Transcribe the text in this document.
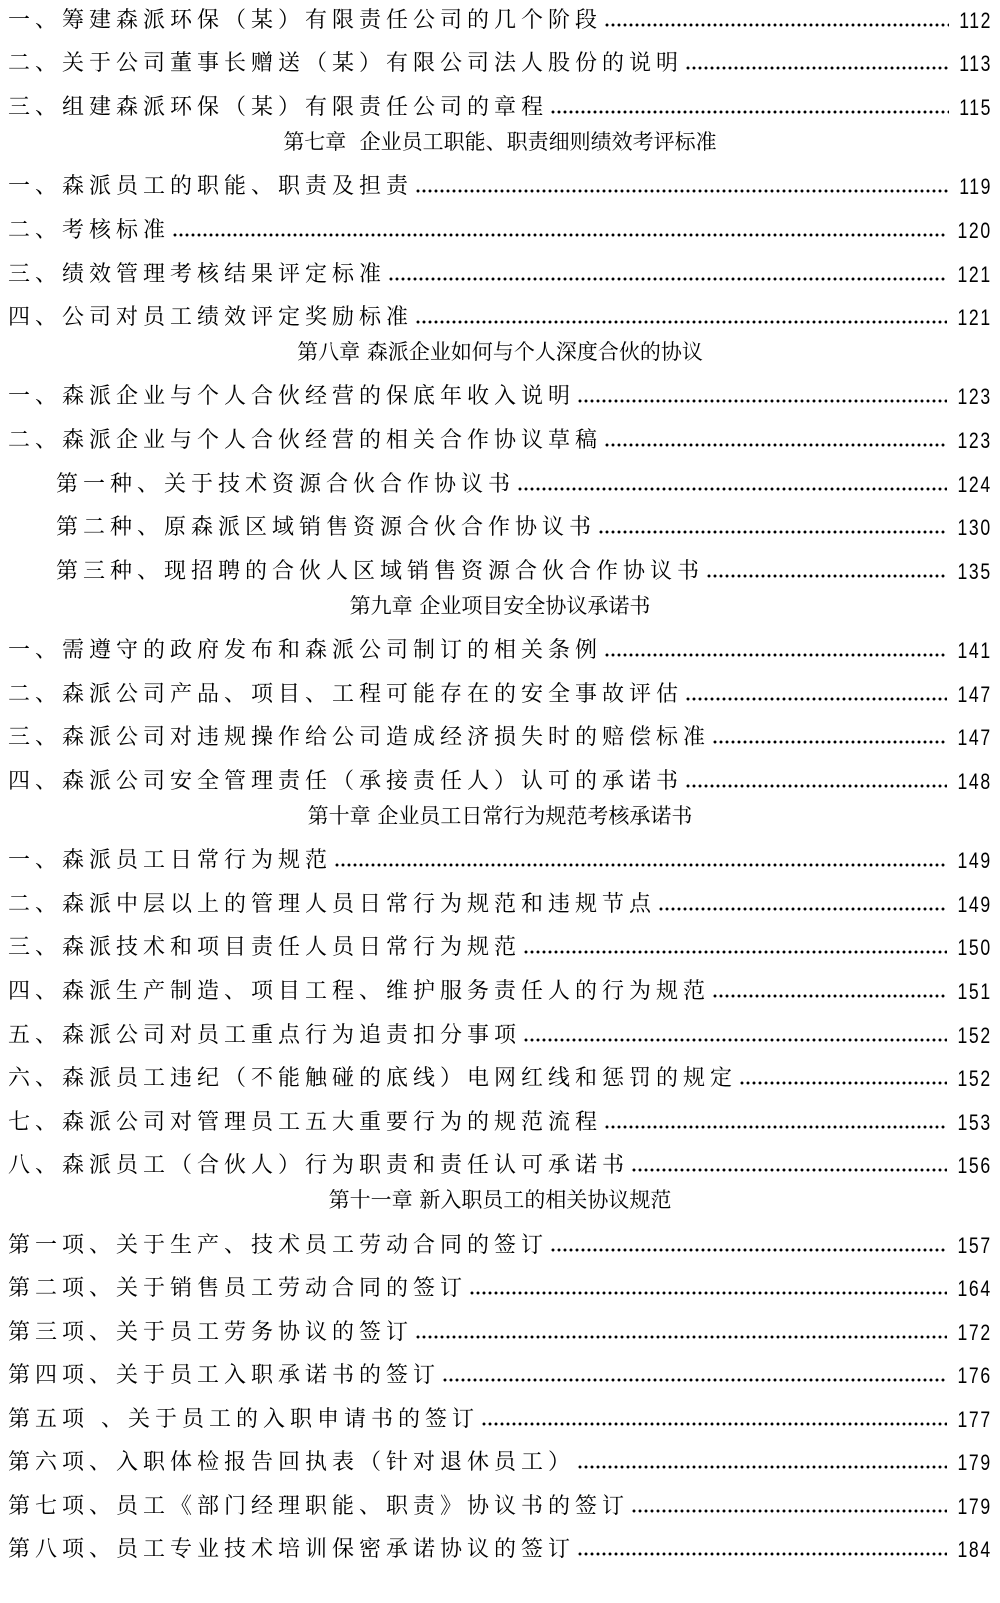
一、筹建森派环保（某）有限责任公司的几个阶段	112
二、关于公司董事长赠送（某）有限公司法人股份的说明	113
三、组建森派环保（某）有限责任公司的章程	115
第七章  企业员工职能、职责细则绩效考评标准
一、森派员工的职能、职责及担责	119
二、考核标准	120
三、绩效管理考核结果评定标准	121
四、公司对员工绩效评定奖励标准	121
第八章 森派企业如何与个人深度合伙的协议
一、森派企业与个人合伙经营的保底年收入说明	123
二、森派企业与个人合伙经营的相关合作协议草稿	123
第一种、关于技术资源合伙合作协议书	124
第二种、原森派区域销售资源合伙合作协议书	130
第三种、现招聘的合伙人区域销售资源合伙合作协议书	135
第九章 企业项目安全协议承诺书
一、需遵守的政府发布和森派公司制订的相关条例	141
二、森派公司产品、项目、工程可能存在的安全事故评估	147
三、森派公司对违规操作给公司造成经济损失时的赔偿标准	147
四、森派公司安全管理责任（承接责任人）认可的承诺书	148
第十章 企业员工日常行为规范考核承诺书
一、森派员工日常行为规范	149
二、森派中层以上的管理人员日常行为规范和违规节点	149
三、森派技术和项目责任人员日常行为规范	150
四、森派生产制造、项目工程、维护服务责任人的行为规范	151
五、森派公司对员工重点行为追责扣分事项	152
六、森派员工违纪（不能触碰的底线）电网红线和惩罚的规定	152
七、森派公司对管理员工五大重要行为的规范流程	153
八、森派员工（合伙人）行为职责和责任认可承诺书	156
第十一章 新入职员工的相关协议规范
第一项、关于生产、技术员工劳动合同的签订	157
第二项、关于销售员工劳动合同的签订	164
第三项、关于员工劳务协议的签订	172
第四项、关于员工入职承诺书的签订	176
第五项 、关于员工的入职申请书的签订	177
第六项、入职体检报告回执表（针对退休员工）	179
第七项、员工《部门经理职能、职责》协议书的签订	179
第八项、员工专业技术培训保密承诺协议的签订	184
